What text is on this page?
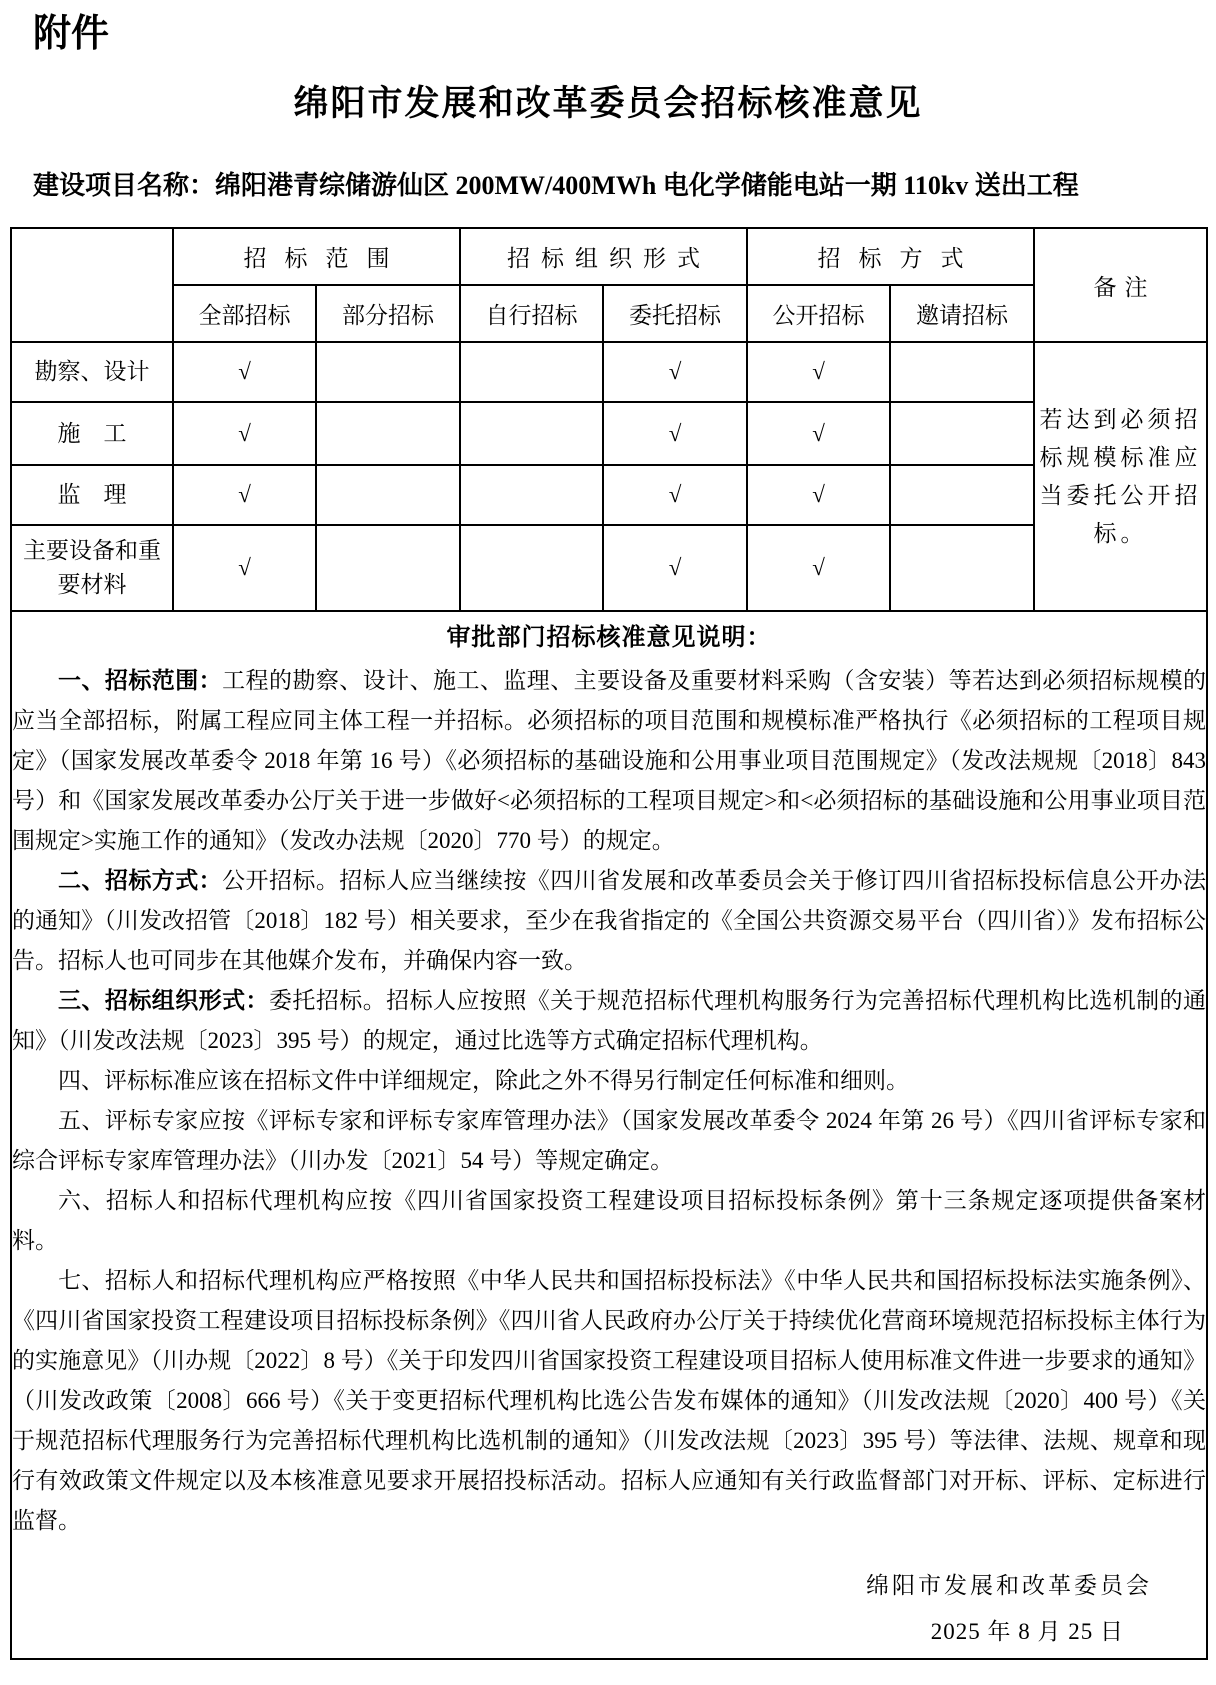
附件
绵阳市发展和改革委员会招标核准意见
建设项目名称：绵阳港青综储游仙区 200MW/400MWh 电化学储能电站一期 110kv 送出工程
	招标范围		招标组织形式		招标方式		备注
	全部招标	部分招标	自行招标	委托招标	公开招标	邀请招标	
勘察、设计	√			√	√		若达到必须招标规模标准应当委托公开招标。
施　工	√			√	√		
监　理	√			√	√		
主要设备和重要材料	√			√	√		

审批部门招标核准意见说明：

一、招标范围：工程的勘察、设计、施工、监理、主要设备及重要材料采购（含安装）等若达到必须招标规模的应当全部招标，附属工程应同主体工程一并招标。必须招标的项目范围和规模标准严格执行《必须招标的工程项目规定》（国家发展改革委令 2018 年第 16 号）《必须招标的基础设施和公用事业项目范围规定》（发改法规规〔2018〕843 号）和《国家发展改革委办公厅关于进一步做好<必须招标的工程项目规定>和<必须招标的基础设施和公用事业项目范围规定>实施工作的通知》（发改办法规〔2020〕770 号）的规定。

二、招标方式：公开招标。招标人应当继续按《四川省发展和改革委员会关于修订四川省招标投标信息公开办法的通知》（川发改招管〔2018〕182 号）相关要求，至少在我省指定的《全国公共资源交易平台（四川省）》发布招标公告。招标人也可同步在其他媒介发布，并确保内容一致。

三、招标组织形式：委托招标。招标人应按照《关于规范招标代理机构服务行为完善招标代理机构比选机制的通知》（川发改法规〔2023〕395 号）的规定，通过比选等方式确定招标代理机构。

四、评标标准应该在招标文件中详细规定，除此之外不得另行制定任何标准和细则。

五、评标专家应按《评标专家和评标专家库管理办法》（国家发展改革委令 2024 年第 26 号）《四川省评标专家和综合评标专家库管理办法》（川办发〔2021〕54 号）等规定确定。

六、招标人和招标代理机构应按《四川省国家投资工程建设项目招标投标条例》第十三条规定逐项提供备案材料。

七、招标人和招标代理机构应严格按照《中华人民共和国招标投标法》《中华人民共和国招标投标法实施条例》、《四川省国家投资工程建设项目招标投标条例》《四川省人民政府办公厅关于持续优化营商环境规范招标投标主体行为的实施意见》（川办规〔2022〕8 号）《关于印发四川省国家投资工程建设项目招标人使用标准文件进一步要求的通知》（川发改政策〔2008〕666 号）《关于变更招标代理机构比选公告发布媒体的通知》（川发改法规〔2020〕400 号）《关于规范招标代理服务行为完善招标代理机构比选机制的通知》（川发改法规〔2023〕395 号）等法律、法规、规章和现行有效政策文件规定以及本核准意见要求开展招投标活动。招标人应通知有关行政监督部门对开标、评标、定标进行监督。

绵阳市发展和改革委员会
2025 年 8 月 25 日
